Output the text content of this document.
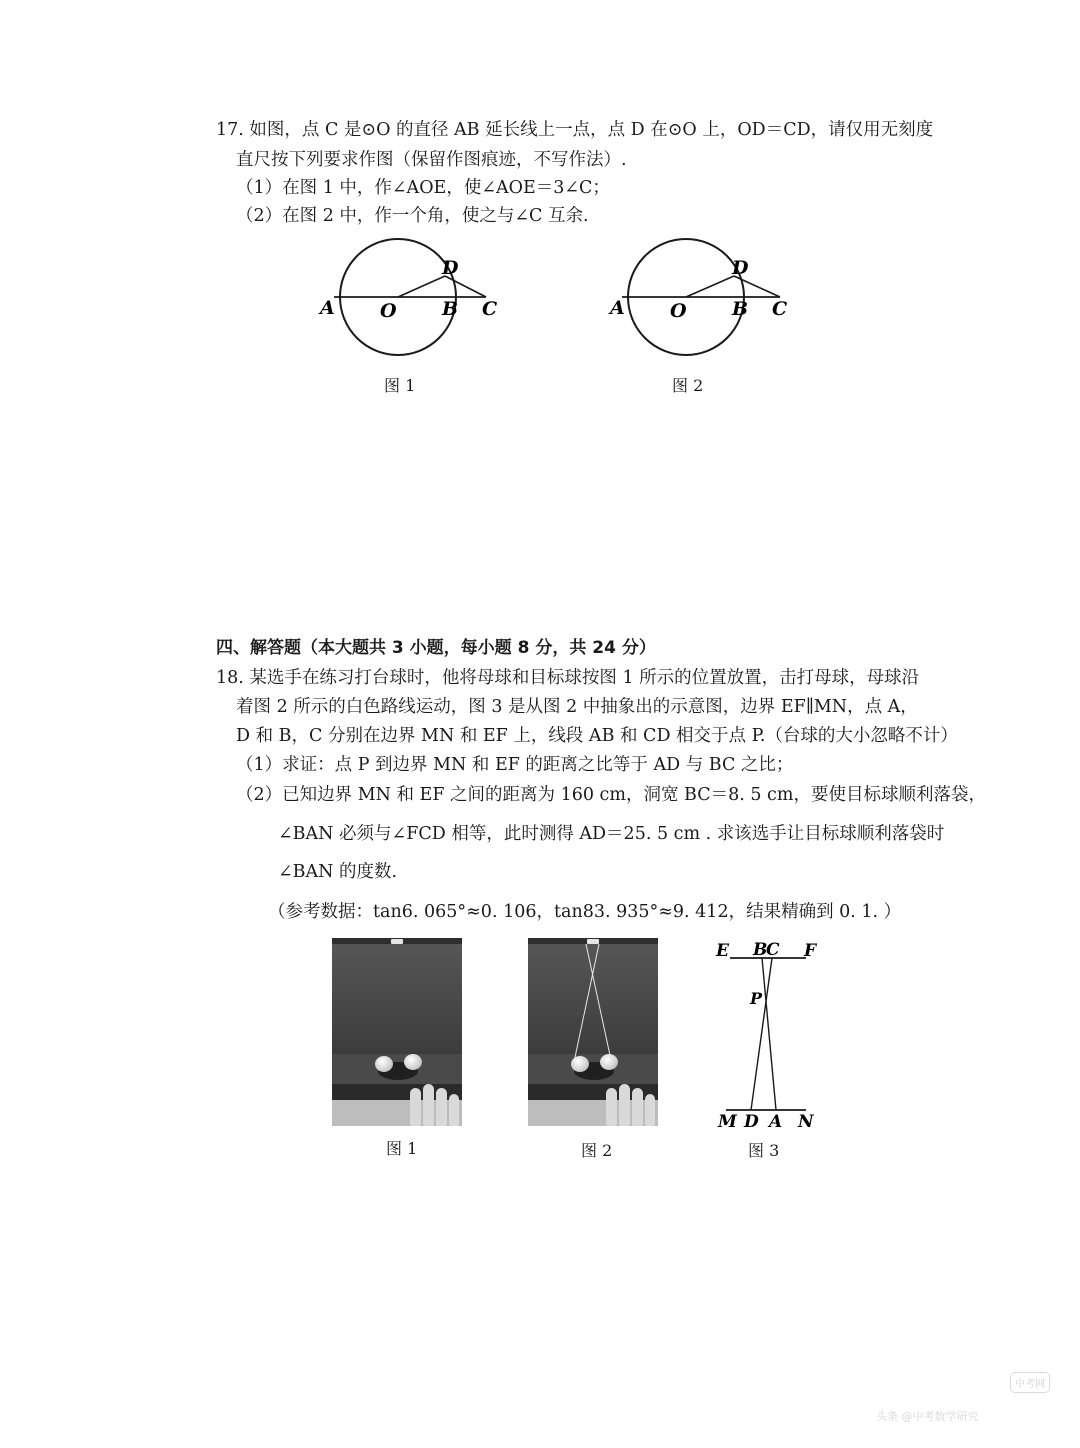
17. 如图，点 C 是⊙O 的直径 AB 延长线上一点，点 D 在⊙O 上，OD＝CD，请仅用无刻度
直尺按下列要求作图（保留作图痕迹，不写作法）.
（1）在图 1 中，作∠AOE，使∠AOE＝3∠C；
（2）在图 2 中，作一个角，使之与∠C 互余.
A O B C
D
图 1
A O B C
D
图 2
四、解答题（本大题共 3 小题，每小题 8 分，共 24 分）
18. 某选手在练习打台球时，他将母球和目标球按图 1 所示的位置放置，击打母球，母球沿
着图 2 所示的白色路线运动，图 3 是从图 2 中抽象出的示意图，边界 EF∥MN，点 A，
D 和 B，C 分别在边界 MN 和 EF 上，线段 AB 和 CD 相交于点 P.（台球的大小忽略不计）
（1）求证：点 P 到边界 MN 和 EF 的距离之比等于 AD 与 BC 之比；
（2）已知边界 MN 和 EF 之间的距离为 160 cm，洞宽 BC＝8. 5 cm，要使目标球顺利落袋，
∠BAN 必须与∠FCD 相等，此时测得 AD＝25. 5 cm . 求该选手让目标球顺利落袋时
∠BAN 的度数.
（参考数据：tan6. 065°≈0. 106，tan83. 935°≈9. 412，结果精确到 0. 1. ）
图 1	图 2
E B
C F
P
M D A N
图 3
中考网
头条 @中考数学研究
